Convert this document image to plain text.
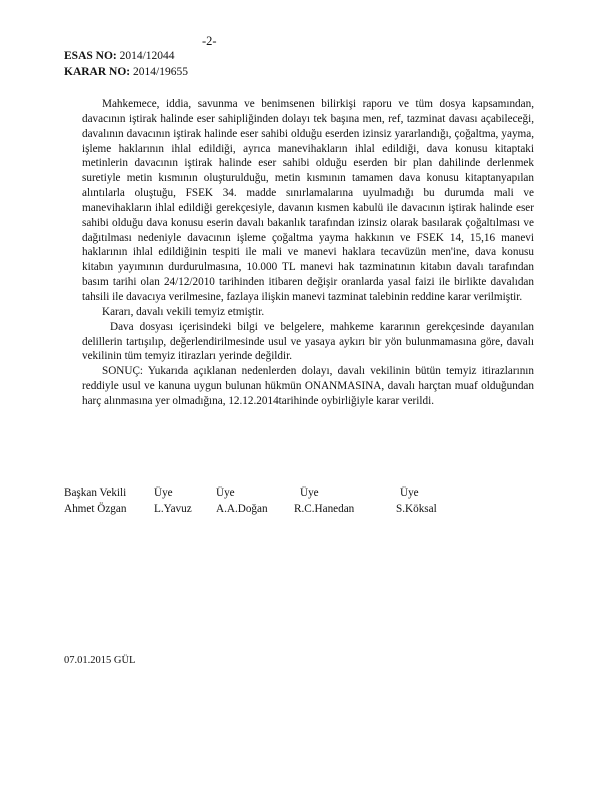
-2-
ESAS NO: 2014/12044
KARAR NO: 2014/19655

Mahkemece, iddia, savunma ve benimsenen bilirkişi raporu ve tüm dosya kapsamından, davacının iştirak halinde eser sahipliğinden dolayı tek başına men, ref, tazminat davası açabileceği, davalının davacının iştirak halinde eser sahibi olduğu eserden izinsiz yararlandığı, çoğaltma, yayma, işleme haklarının ihlal edildiği, ayrıca manevihakların ihlal edildiği, dava konusu kitaptaki metinlerin davacının iştirak halinde eser sahibi olduğu eserden bir plan dahilinde derlenmek suretiyle metin kısmının oluşturulduğu, metin kısmının tamamen dava konusu kitaptanyapılan alıntılarla oluştuğu, FSEK 34. madde sınırlamalarına uyulmadığı bu durumda mali ve manevihakların ihlal edildiği gerekçesiyle, davanın kısmen kabulü ile davacının iştirak halinde eser sahibi olduğu dava konusu eserin davalı bakanlık tarafından izinsiz olarak basılarak çoğaltılması ve dağıtılması nedeniyle davacının işleme çoğaltma yayma hakkının ve FSEK 14, 15,16 manevi haklarının ihlal edildiğinin tespiti ile mali ve manevi haklara tecavüzün men'ine, dava konusu kitabın yayımının durdurulmasına, 10.000 TL manevi hak tazminatının kitabın davalı tarafından basım tarihi olan 24/12/2010 tarihinden itibaren değişir oranlarda yasal faizi ile birlikte davalıdan tahsili ile davacıya verilmesine, fazlaya ilişkin manevi tazminat talebinin reddine karar verilmiştir.

Kararı, davalı vekili temyiz etmiştir.

Dava dosyası içerisindeki bilgi ve belgelere, mahkeme kararının gerekçesinde dayanılan delillerin tartışılıp, değerlendirilmesinde usul ve yasaya aykırı bir yön bulunmamasına göre, davalı vekilinin tüm temyiz itirazları yerinde değildir.

SONUÇ: Yukarıda açıklanan nedenlerden dolayı, davalı vekilinin bütün temyiz itirazlarının reddiyle usul ve kanuna uygun bulunan hükmün ONANMASINA, davalı harçtan muaf olduğundan harç alınmasına yer olmadığına, 12.12.2014tarihinde oybirliğiyle karar verildi.

Başkan Vekili
Ahmet Özgan
Üye
L.Yavuz
Üye
A.A.Doğan
Üye
R.C.Hanedan
Üye
S.Köksal
07.01.2015 GÜL
